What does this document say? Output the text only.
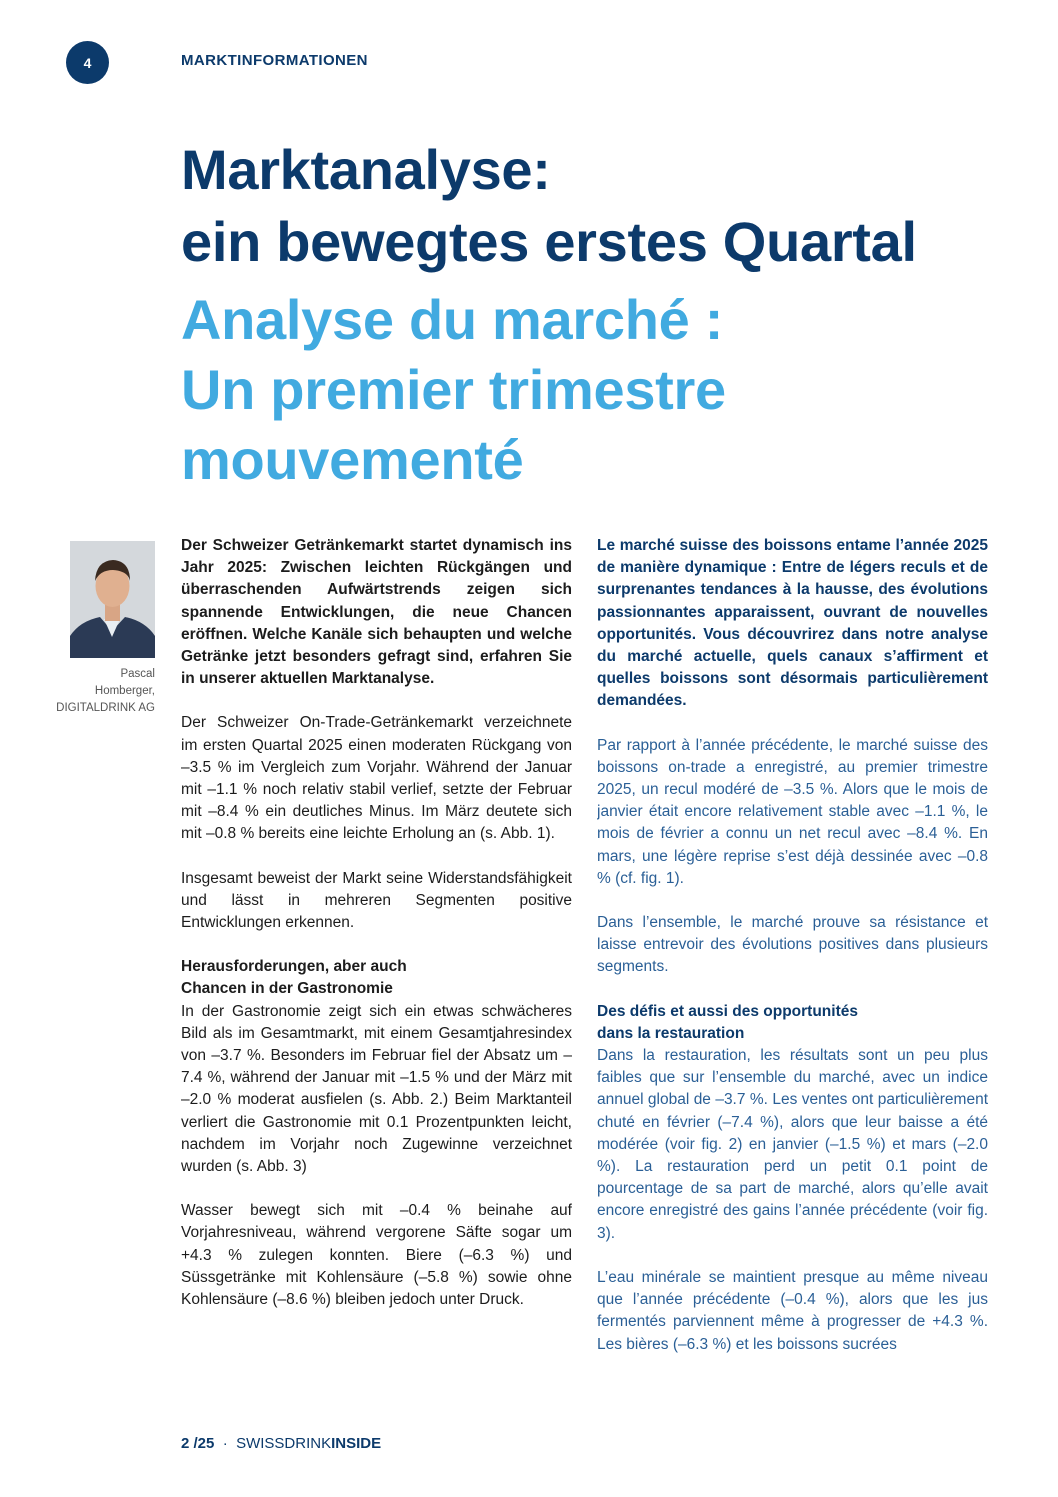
4	MARKTINFORMATIONEN
Marktanalyse:
ein bewegtes erstes Quartal
Analyse du marché :
Un premier trimestre
mouvementé
Pascal
Homberger,
DIGITALDRINK AG

Der Schweizer Getränkemarkt startet dynamisch ins Jahr 2025: Zwischen leichten Rückgängen und überraschenden Aufwärtstrends zeigen sich spannende Entwicklungen, die neue Chancen eröffnen. Welche Kanäle sich behaupten und welche Getränke jetzt besonders gefragt sind, erfahren Sie in unserer aktuellen Marktanalyse.

Der Schweizer On-Trade-Getränkemarkt verzeichnete im ersten Quartal 2025 einen moderaten Rückgang von –3.5 % im Vergleich zum Vorjahr. Während der Januar mit –1.1 % noch relativ stabil verlief, setzte der Februar mit –8.4 % ein deutliches Minus. Im März deutete sich mit –0.8 % bereits eine leichte Erholung an (s. Abb. 1).

Insgesamt beweist der Markt seine Widerstandsfähigkeit und lässt in mehreren Segmenten positive Entwicklungen erkennen.

Herausforderungen, aber auch
Chancen in der Gastronomie

In der Gastronomie zeigt sich ein etwas schwächeres Bild als im Gesamtmarkt, mit einem Gesamtjahresindex von –3.7 %. Besonders im Februar fiel der Absatz um –7.4 %, während der Januar mit –1.5 % und der März mit –2.0 % moderat ausfielen (s. Abb. 2.) Beim Marktanteil verliert die Gastronomie mit 0.1 Prozentpunkten leicht, nachdem im Vorjahr noch Zugewinne verzeichnet wurden (s. Abb. 3)

Wasser bewegt sich mit –0.4 % beinahe auf Vorjahresniveau, während vergorene Säfte sogar um +4.3 % zulegen konnten. Biere (–6.3 %) und Süssgetränke mit Kohlensäure (–5.8 %) sowie ohne Kohlensäure (–8.6 %) bleiben jedoch unter Druck.

Le marché suisse des boissons entame l’année 2025 de manière dynamique : Entre de légers reculs et de surprenantes tendances à la hausse, des évolutions passionnantes apparaissent, ouvrant de nouvelles opportunités. Vous découvrirez dans notre analyse du marché actuelle, quels canaux s’affirment et quelles boissons sont désormais particulièrement demandées.

Par rapport à l’année précédente, le marché suisse des boissons on-trade a enregistré, au premier trimestre 2025, un recul modéré de –3.5 %. Alors que le mois de janvier était encore relativement stable avec –1.1 %, le mois de février a connu un net recul avec –8.4 %. En mars, une légère reprise s’est déjà dessinée avec –0.8 % (cf. fig. 1).

Dans l’ensemble, le marché prouve sa résistance et laisse entrevoir des évolutions positives dans plusieurs segments.

Des défis et aussi des opportunités
dans la restauration

Dans la restauration, les résultats sont un peu plus faibles que sur l’ensemble du marché, avec un indice annuel global de –3.7 %. Les ventes ont particulièrement chuté en février (–7.4 %), alors que leur baisse a été modérée (voir fig. 2) en janvier (–1.5 %) et mars (–2.0 %). La restauration perd un petit 0.1 point de pourcentage de sa part de marché, alors qu’elle avait encore enregistré des gains l’année précédente (voir fig. 3).

L’eau minérale se maintient presque au même niveau que l’année précédente (–0.4 %), alors que les jus fermentés parviennent même à progresser de +4.3 %. Les bières (–6.3 %) et les boissons sucrées

2 /25 · SWISSDRINKINSIDE
